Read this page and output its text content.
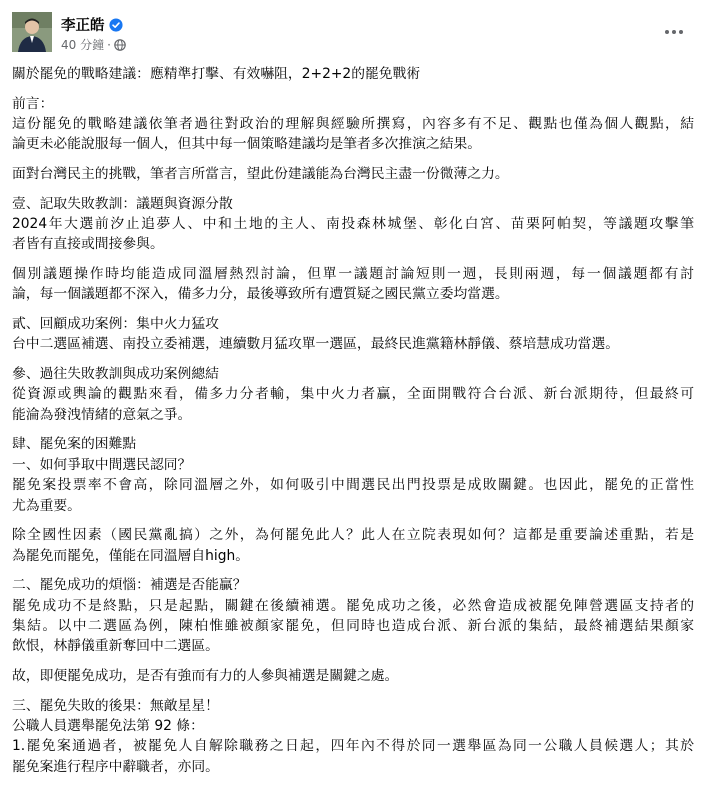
李正皓
40 分鐘 ·
關於罷免的戰略建議：應精準打擊、有效嚇阻，2+2+2的罷免戰術
前言：
這份罷免的戰略建議依筆者過往對政治的理解與經驗所撰寫，內容多有不足、觀點也僅為個人觀點，結
論更未必能說服每一個人，但其中每一個策略建議均是筆者多次推演之結果。
面對台灣民主的挑戰，筆者言所當言，望此份建議能為台灣民主盡一份微薄之力。
壹、記取失敗教訓：議題與資源分散
2024年大選前汐止追夢人、中和土地的主人、南投森林城堡、彰化白宮、苗栗阿帕契，等議題攻擊筆
者皆有直接或間接參與。
個別議題操作時均能造成同溫層熱烈討論，但單一議題討論短則一週，長則兩週，每一個議題都有討
論，每一個議題都不深入，備多力分，最後導致所有遭質疑之國民黨立委均當選。
貳、回顧成功案例：集中火力猛攻
台中二選區補選、南投立委補選，連續數月猛攻單一選區，最終民進黨籍林靜儀、蔡培慧成功當選。
參、過往失敗教訓與成功案例總結
從資源或輿論的觀點來看，備多力分者輸，集中火力者贏，全面開戰符合台派、新台派期待，但最終可
能淪為發洩情緒的意氣之爭。
肆、罷免案的困難點
一、如何爭取中間選民認同？
罷免案投票率不會高，除同溫層之外，如何吸引中間選民出門投票是成敗關鍵。也因此，罷免的正當性
尤為重要。
除全國性因素（國民黨亂搞）之外，為何罷免此人？此人在立院表現如何？這都是重要論述重點，若是
為罷免而罷免，僅能在同溫層自high。
二、罷免成功的煩惱：補選是否能贏？
罷免成功不是終點，只是起點，關鍵在後續補選。罷免成功之後，必然會造成被罷免陣營選區支持者的
集結。以中二選區為例，陳柏惟雖被顏家罷免，但同時也造成台派、新台派的集結，最終補選結果顏家
飲恨，林靜儀重新奪回中二選區。
故，即便罷免成功，是否有強而有力的人參與補選是關鍵之處。
三、罷免失敗的後果：無敵星星！
公職人員選舉罷免法第 92 條：
1.罷免案通過者，被罷免人自解除職務之日起，四年內不得於同一選舉區為同一公職人員候選人；其於
罷免案進行程序中辭職者，亦同。
